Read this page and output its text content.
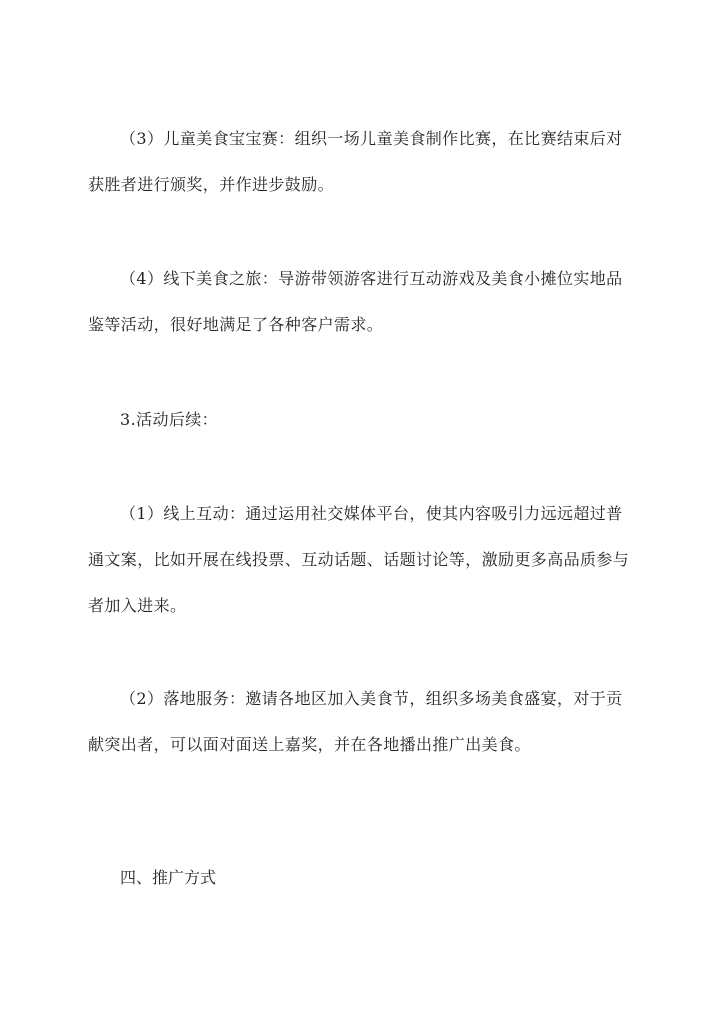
（3）儿童美食宝宝赛：组织一场儿童美食制作比赛，在比赛结束后对获胜者进行颁奖，并作进步鼓励。

（4）线下美食之旅：导游带领游客进行互动游戏及美食小摊位实地品鉴等活动，很好地满足了各种客户需求。

3.活动后续：

（1）线上互动：通过运用社交媒体平台，使其内容吸引力远远超过普通文案，比如开展在线投票、互动话题、话题讨论等，激励更多高品质参与者加入进来。

（2）落地服务：邀请各地区加入美食节，组织多场美食盛宴，对于贡献突出者，可以面对面送上嘉奖，并在各地播出推广出美食。

四、推广方式
